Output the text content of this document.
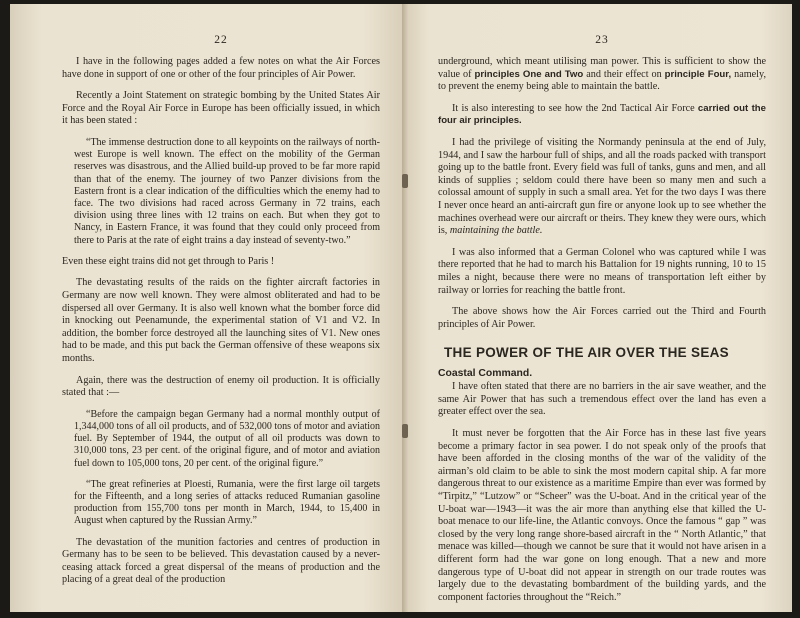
22

I have in the following pages added a few notes on what the Air Forces have done in support of one or other of the four principles of Air Power.

Recently a Joint Statement on strategic bombing by the United States Air Force and the Royal Air Force in Europe has been officially issued, in which it has been stated :

“The immense destruction done to all keypoints on the railways of north-west Europe is well known. The effect on the mobility of the German reserves was disastrous, and the Allied build-up proved to be far more rapid than that of the enemy. The journey of two Panzer divisions from the Eastern front is a clear indication of the difficulties which the enemy had to face. The two divisions had raced across Germany in 72 trains, each division using three lines with 12 trains on each. But when they got to Nancy, in Eastern France, it was found that they could only proceed from there to Paris at the rate of eight trains a day instead of seventy-two.”

Even these eight trains did not get through to Paris !

The devastating results of the raids on the fighter aircraft factories in Germany are now well known. They were almost obliterated and had to be dispersed all over Germany. It is also well known what the bomber force did in knocking out Peenamunde, the experimental station of V1 and V2. In addition, the bomber force destroyed all the launching sites of V1. New ones had to be made, and this put back the German offensive of these weapons six months.

Again, there was the destruction of enemy oil production. It is officially stated that :—

“Before the campaign began Germany had a normal monthly output of 1,344,000 tons of all oil products, and of 532,000 tons of motor and aviation fuel. By September of 1944, the output of all oil products was down to 310,000 tons, 23 per cent. of the original figure, and of motor and aviation fuel down to 105,000 tons, 20 per cent. of the original figure.”
“The great refineries at Ploesti, Rumania, were the first large oil targets for the Fifteenth, and a long series of attacks reduced Rumanian gasoline production from 155,700 tons per month in March, 1944, to 15,400 in August when captured by the Russian Army.”

The devastation of the munition factories and centres of production in Germany has to be seen to be believed. This devastation caused by a never-ceasing attack forced a great dispersal of the means of production and the placing of a great deal of the production

23

underground, which meant utilising man power. This is sufficient to show the value of principles One and Two and their effect on principle Four, namely, to prevent the enemy being able to maintain the battle.

It is also interesting to see how the 2nd Tactical Air Force carried out the four air principles.

I had the privilege of visiting the Normandy peninsula at the end of July, 1944, and I saw the harbour full of ships, and all the roads packed with transport going up to the battle front. Every field was full of tanks, guns and men, and all kinds of supplies ; seldom could there have been so many men and such a colossal amount of supply in such a small area. Yet for the two days I was there I never once heard an anti-aircraft gun fire or anyone look up to see whether the machines overhead were our aircraft or theirs. They knew they were ours, which is, maintaining the battle.

I was also informed that a German Colonel who was captured while I was there reported that he had to march his Battalion for 19 nights running, 10 to 15 miles a night, because there were no means of transportation left either by railway or lorries for reaching the battle front.

The above shows how the Air Forces carried out the Third and Fourth principles of Air Power.

THE POWER OF THE AIR OVER THE SEAS
Coastal Command.

I have often stated that there are no barriers in the air save weather, and the same Air Power that has such a tremendous effect over the land has even a greater effect over the sea.

It must never be forgotten that the Air Force has in these last five years become a primary factor in sea power. I do not speak only of the proofs that have been afforded in the closing months of the war of the validity of the airman’s old claim to be able to sink the most modern capital ship. A far more dangerous threat to our existence as a maritime Empire than ever was formed by “Tirpitz,” “Lutzow” or “Scheer” was the U-boat. And in the critical year of the U-boat war—1943—it was the air more than anything else that killed the U-boat menace to our life-line, the Atlantic convoys. Once the famous “ gap ” was closed by the very long range shore-based aircraft in the “ North Atlantic,” that menace was killed—though we cannot be sure that it would not have arisen in a different form had the war gone on long enough. That a new and more dangerous type of U-boat did not appear in strength on our trade routes was largely due to the devastating bombardment of the building yards, and the component factories throughout the “Reich.”
